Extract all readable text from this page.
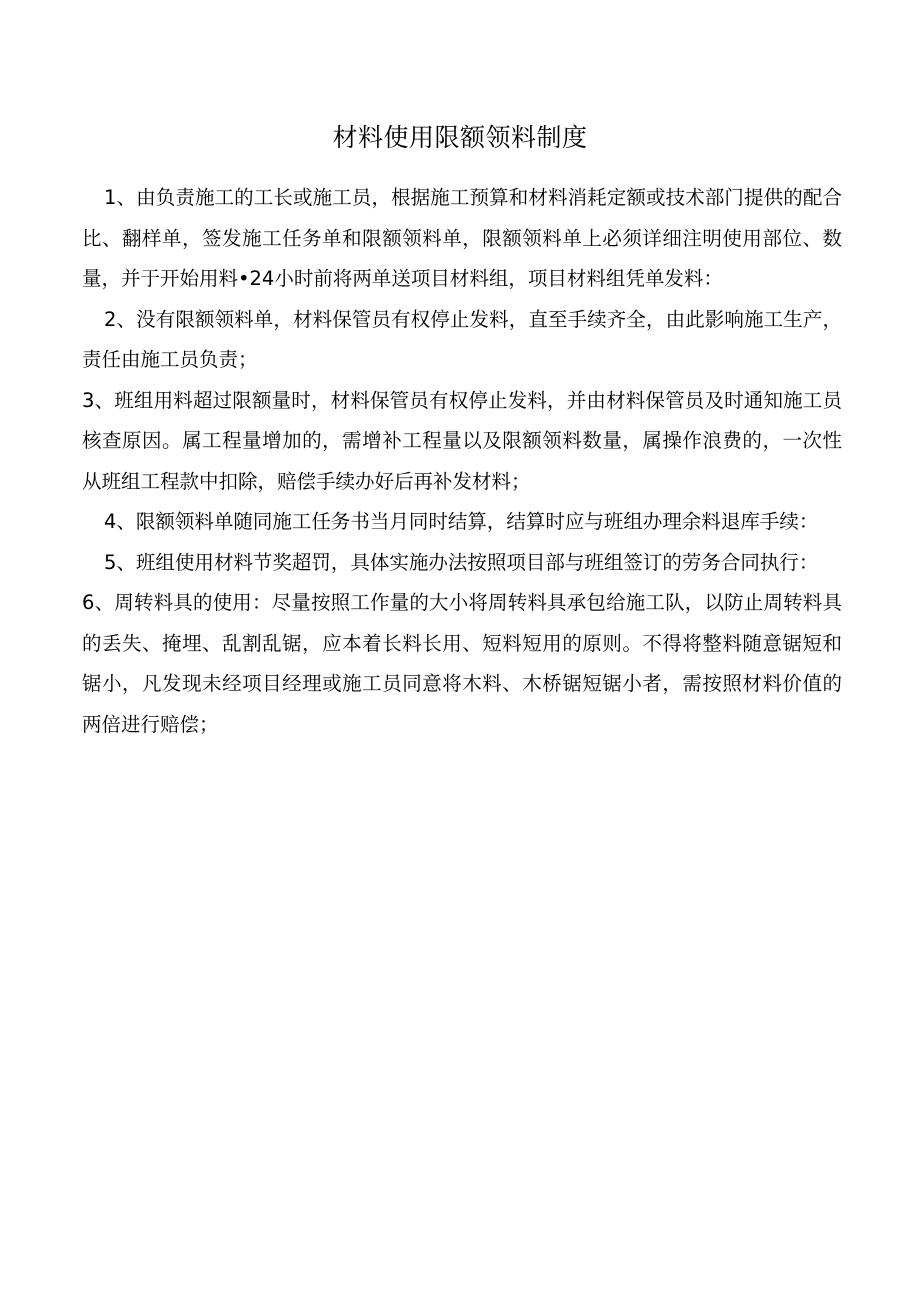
材料使用限额领料制度

1、由负责施工的工长或施工员，根据施工预算和材料消耗定额或技术部门提供的配合比、翻样单，签发施工任务单和限额领料单，限额领料单上必须详细注明使用部位、数量，并于开始用料•24小时前将两单送项目材料组，项目材料组凭单发料：

2、没有限额领料单，材料保管员有权停止发料，直至手续齐全，由此影响施工生产，责任由施工员负责；

3、班组用料超过限额量时，材料保管员有权停止发料，并由材料保管员及时通知施工员核查原因。属工程量增加的，需增补工程量以及限额领料数量，属操作浪费的，一次性从班组工程款中扣除，赔偿手续办好后再补发材料；

4、限额领料单随同施工任务书当月同时结算，结算时应与班组办理余料退库手续：

5、班组使用材料节奖超罚，具体实施办法按照项目部与班组签订的劳务合同执行：

6、周转料具的使用：尽量按照工作量的大小将周转料具承包给施工队，以防止周转料具的丢失、掩埋、乱割乱锯，应本着长料长用、短料短用的原则。不得将整料随意锯短和锯小，凡发现未经项目经理或施工员同意将木料、木桥锯短锯小者，需按照材料价值的两倍进行赔偿；
